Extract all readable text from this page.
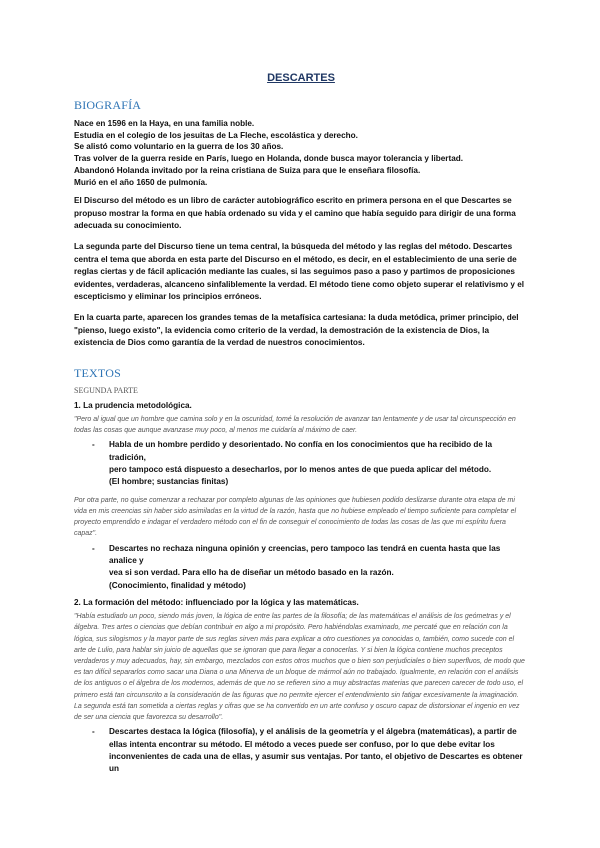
DESCARTES
BIOGRAFÍA
Nace en 1596 en la Haya, en una familia noble.
Estudia en el colegio de los jesuitas de La Fleche, escolástica y derecho.
Se alistó como voluntario en la guerra de los 30 años.
Tras volver de la guerra reside en París, luego en Holanda, donde busca mayor tolerancia y libertad.
Abandonó Holanda invitado por la reina cristiana de Suiza para que le enseñara filosofía.
Murió en el año 1650 de pulmonía.

El Discurso del método es un libro de carácter autobiográfico escrito en primera persona en el que Descartes se propuso mostrar la forma en que había ordenado su vida y el camino que había seguido para dirigir de una forma adecuada su conocimiento.

La segunda parte del Discurso tiene un tema central, la búsqueda del método y las reglas del método. Descartes centra el tema que aborda en esta parte del Discurso en el método, es decir, en el establecimiento de una serie de reglas ciertas y de fácil aplicación mediante las cuales, si las seguimos paso a paso y partimos de proposiciones evidentes, verdaderas, alcanceno sinfaliblemente la verdad. El método tiene como objeto superar el relativismo y el escepticismo y eliminar los principios erróneos.

En la cuarta parte, aparecen los grandes temas de la metafísica cartesiana: la duda metódica, primer principio, del "pienso, luego existo", la evidencia como criterio de la verdad, la demostración de la existencia de Dios, la existencia de Dios como garantía de la verdad de nuestros conocimientos.

TEXTOS
SEGUNDA PARTE
1. La prudencia metodológica.

"Pero al igual que un hombre que camina solo y en la oscuridad, tomé la resolución de avanzar tan lentamente y de usar tal circunspección en todas las cosas que aunque avanzase muy poco, al menos me cuidaría al máximo de caer.

-	Habla de un hombre perdido y desorientado. No confía en los conocimientos que ha recibido de la tradición,
pero tampoco está dispuesto a desecharlos, por lo menos antes de que pueda aplicar del método.
(El hombre; sustancias finitas)

Por otra parte, no quise comenzar a rechazar por completo algunas de las opiniones que hubiesen podido deslizarse durante otra etapa de mi vida en mis creencias sin haber sido asimiladas en la virtud de la razón, hasta que no hubiese empleado el tiempo suficiente para completar el proyecto emprendido e indagar el verdadero método con el fin de conseguir el conocimiento de todas las cosas de las que mi espíritu fuera capaz".

-	Descartes no rechaza ninguna opinión y creencias, pero tampoco las tendrá en cuenta hasta que las analice y
vea si son verdad. Para ello ha de diseñar un método basado en la razón.
(Conocimiento, finalidad y método)
2. La formación del método: influenciado por la lógica y las matemáticas.

"Había estudiado un poco, siendo más joven, la lógica de entre las partes de la filosofía; de las matemáticas el análisis de los geómetras y el álgebra. Tres artes o ciencias que debían contribuir en algo a mi propósito. Pero habiéndolas examinado, me percaté que en relación con la lógica, sus silogismos y la mayor parte de sus reglas sirven más para explicar a otro cuestiones ya conocidas o, también, como sucede con el arte de Lulio, para hablar sin juicio de aquellas que se ignoran que para llegar a conocerlas. Y si bien la lógica contiene muchos preceptos verdaderos y muy adecuados, hay, sin embargo, mezclados con estos otros muchos que o bien son perjudiciales o bien superfluos, de modo que es tan difícil separarlos como sacar una Diana o una Minerva de un bloque de mármol aún no trabajado. Igualmente, en relación con el análisis de los antiguos o el álgebra de los modernos, además de que no se refieren sino a muy abstractas materias que parecen carecer de todo uso, el primero está tan circunscrito a la consideración de las figuras que no permite ejercer el entendimiento sin fatigar excesivamente la imaginación. La segunda está tan sometida a ciertas reglas y cifras que se ha convertido en un arte confuso y oscuro capaz de distorsionar el ingenio en vez de ser una ciencia que favorezca su desarrollo".

-	Descartes destaca la lógica (filosofía), y el análisis de la geometría y el álgebra (matemáticas), a partir de
ellas intenta encontrar su método. El método a veces puede ser confuso, por lo que debe evitar los
inconvenientes de cada una de ellas, y asumir sus ventajas. Por tanto, el objetivo de Descartes es obtener un
